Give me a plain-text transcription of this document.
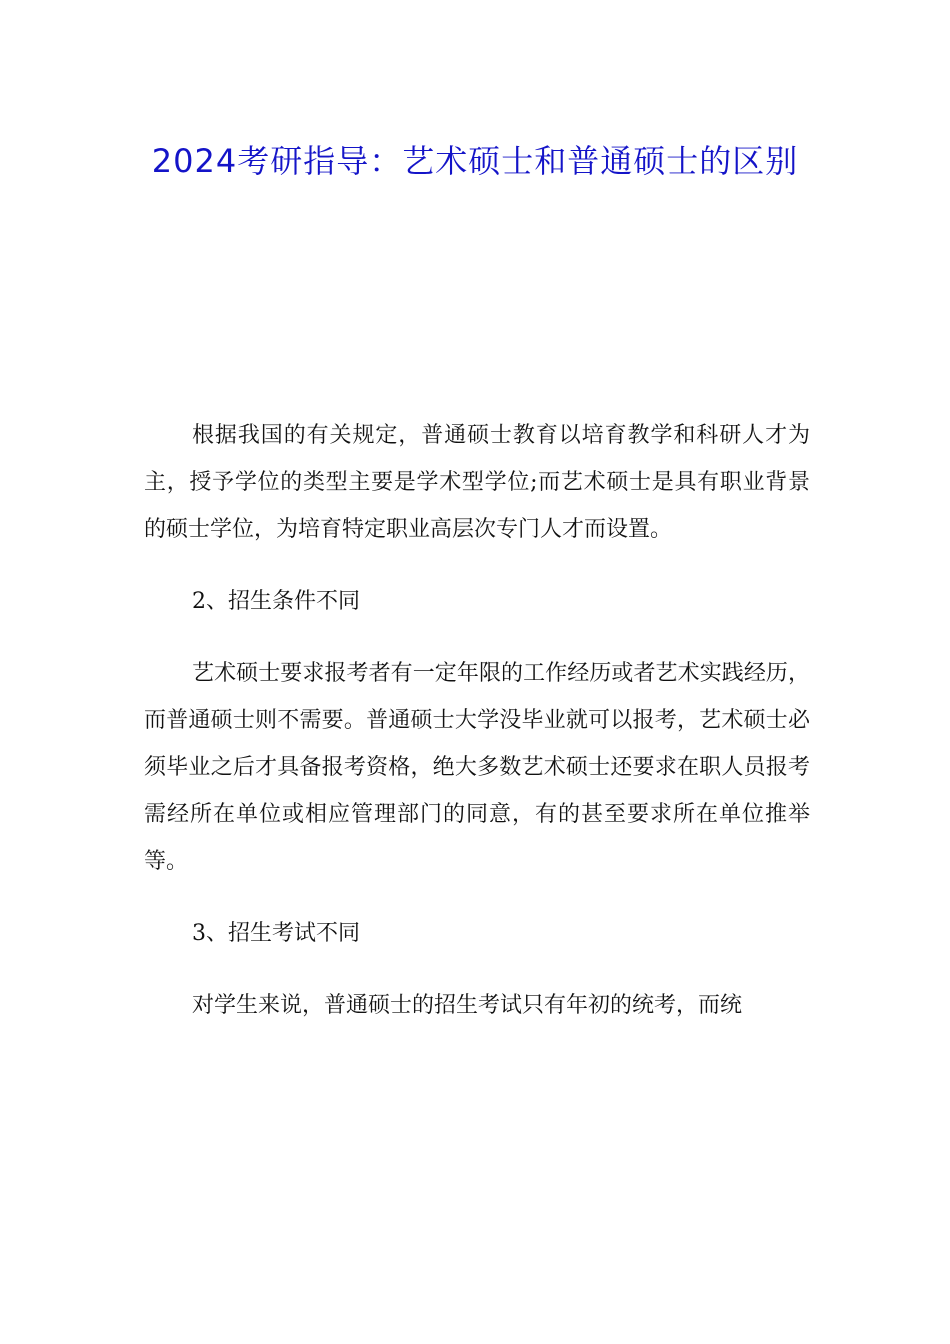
2024考研指导：艺术硕士和普通硕士的区别

根据我国的有关规定，普通硕士教育以培育教学和科研人才为主，授予学位的类型主要是学术型学位;而艺术硕士是具有职业背景的硕士学位，为培育特定职业高层次专门人才而设置。

2、招生条件不同

艺术硕士要求报考者有一定年限的工作经历或者艺术实践经历，而普通硕士则不需要。普通硕士大学没毕业就可以报考，艺术硕士必须毕业之后才具备报考资格，绝大多数艺术硕士还要求在职人员报考需经所在单位或相应管理部门的同意，有的甚至要求所在单位推举等。

3、招生考试不同

对学生来说，普通硕士的招生考试只有年初的统考，而统
